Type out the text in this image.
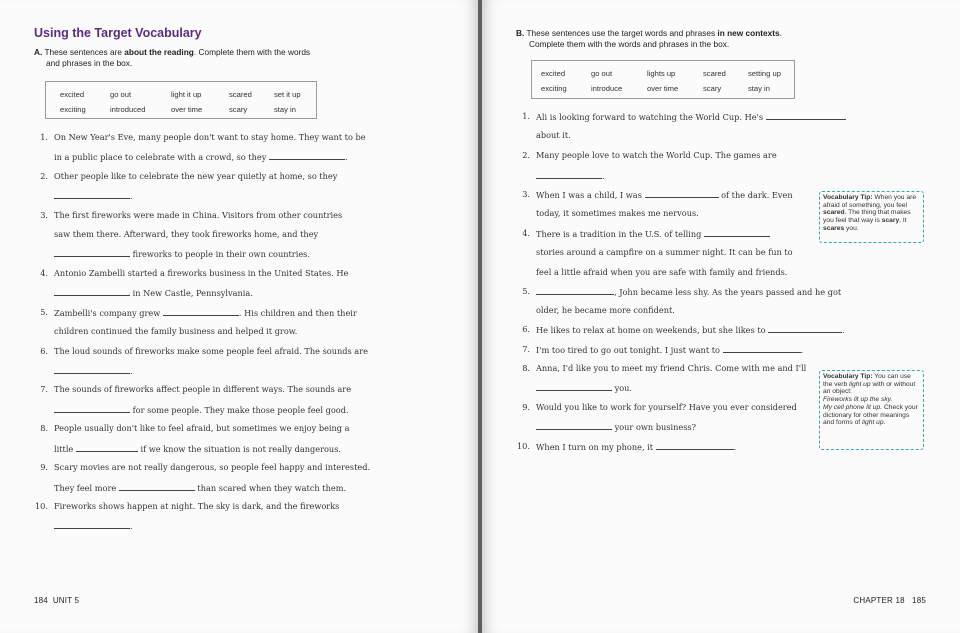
Using the Target Vocabulary
A. These sentences are about the reading. Complete them with the words
and phrases in the box.
excited	go out	light it up	scared	set it up
exciting	introduced	over time	scary	stay in
1. On New Year's Eve, many people don't want to stay home. They want to be
in a public place to celebrate with a crowd, so they	.
2. Other people like to celebrate the new year quietly at home, so they
.
3. The first fireworks were made in China. Visitors from other countries
saw them there. Afterward, they took fireworks home, and they
fireworks to people in their own countries.
4. Antonio Zambelli started a fireworks business in the United States. He
in New Castle, Pennsylvania.
5. Zambelli's company grew	. His children and then their
children continued the family business and helped it grow.
6. The loud sounds of fireworks make some people feel afraid. The sounds are
.
7. The sounds of fireworks affect people in different ways. The sounds are
for some people. They make those people feel good.
8. People usually don't like to feel afraid, but sometimes we enjoy being a
little	if we know the situation is not really dangerous.
9. Scary movies are not really dangerous, so people feel happy and interested.
They feel more	than scared when they watch them.
10. Fireworks shows happen at night. The sky is dark, and the fireworks
.
184 UNIT 5
B. These sentences use the target words and phrases in new contexts.
Complete them with the words and phrases in the box.
excited	go out	lights up	scared	setting up
exciting	introduce	over time	scary	stay in
1. Ali is looking forward to watching the World Cup. He's
about it.
2. Many people love to watch the World Cup. The games are
.
3. When I was a child, I was	of the dark. Even
today, it sometimes makes me nervous.
4. There is a tradition in the U.S. of telling
stories around a campfire on a summer night. It can be fun to
feel a little afraid when you are safe with family and friends.
5.	, John became less shy. As the years passed and he got
older, he became more confident.
6. He likes to relax at home on weekends, but she likes to	.
7. I'm too tired to go out tonight. I just want to	.
8. Anna, I'd like you to meet my friend Chris. Come with me and I'll
you.
9. Would you like to work for yourself? Have you ever considered
your own business?
10. When I turn on my phone, it	.
Vocabulary Tip: When you are afraid of something, you feel scared. The thing that makes you feel that way is scary. It scares you.
Vocabulary Tip: You can use the verb light up with or without an object:
Fireworks lit up the sky.
My cell phone lit up. Check your dictionary for other meanings and forms of light up.
CHAPTER 18 185
